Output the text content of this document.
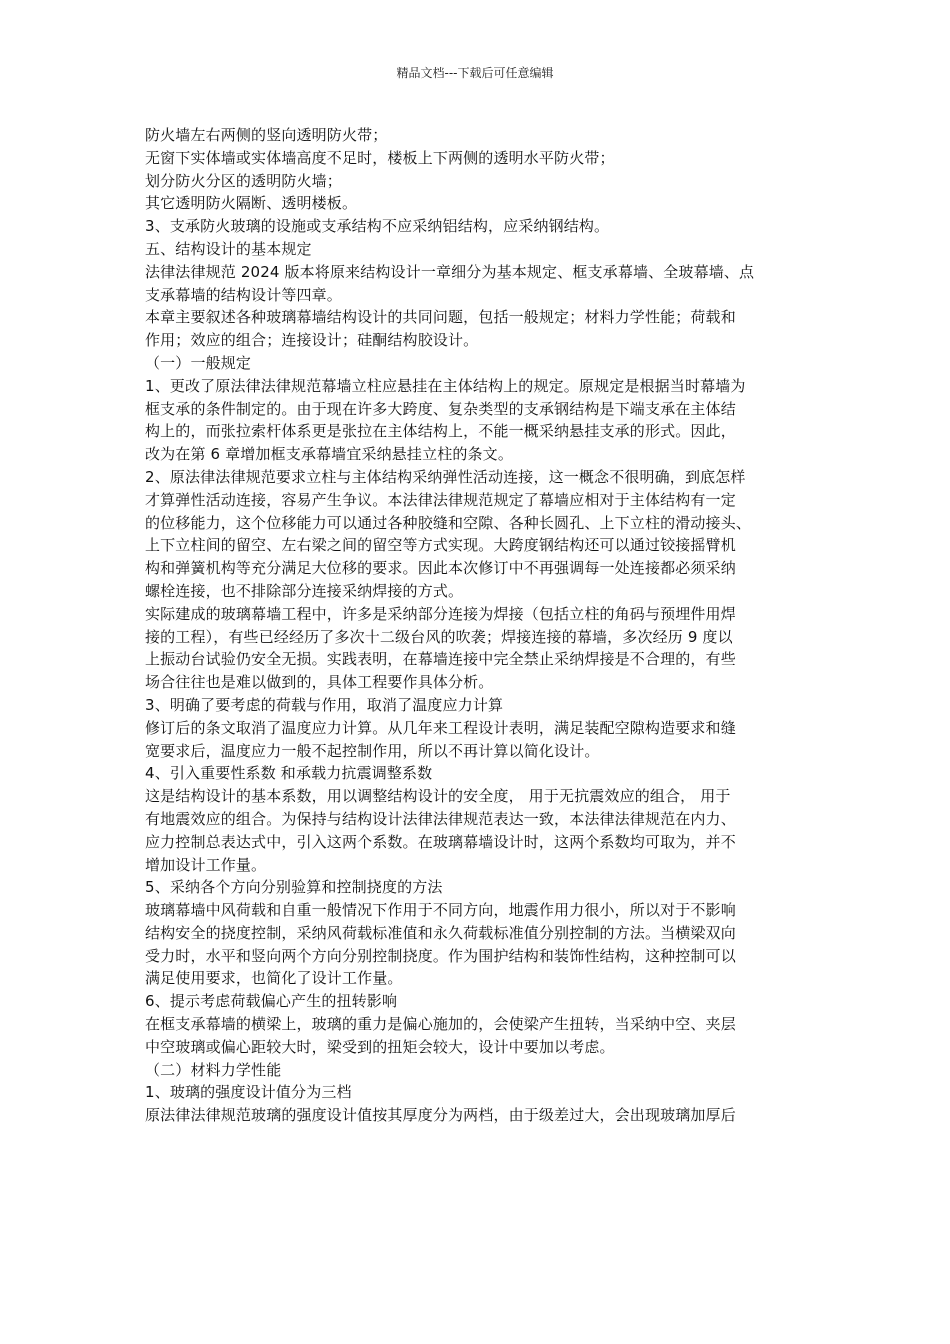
精品文档---下载后可任意编辑
防火墙左右两侧的竖向透明防火带；
无窗下实体墙或实体墙高度不足时，楼板上下两侧的透明水平防火带；
划分防火分区的透明防火墙；
其它透明防火隔断、透明楼板。
3、支承防火玻璃的设施或支承结构不应采纳铝结构，应采纳钢结构。
五、结构设计的基本规定
法律法律规范 2024 版本将原来结构设计一章细分为基本规定、框支承幕墙、全玻幕墙、点
支承幕墙的结构设计等四章。
本章主要叙述各种玻璃幕墙结构设计的共同问题，包括一般规定；材料力学性能；荷载和
作用；效应的组合；连接设计；硅酮结构胶设计。
（一）一般规定
1、更改了原法律法律规范幕墙立柱应悬挂在主体结构上的规定。原规定是根据当时幕墙为
框支承的条件制定的。由于现在许多大跨度、复杂类型的支承钢结构是下端支承在主体结
构上的，而张拉索杆体系更是张拉在主体结构上，不能一概采纳悬挂支承的形式。因此，
改为在第 6 章增加框支承幕墙宜采纳悬挂立柱的条文。
2、原法律法律规范要求立柱与主体结构采纳弹性活动连接，这一概念不很明确，到底怎样
才算弹性活动连接，容易产生争议。本法律法律规范规定了幕墙应相对于主体结构有一定
的位移能力，这个位移能力可以通过各种胶缝和空隙、各种长圆孔、上下立柱的滑动接头、
上下立柱间的留空、左右梁之间的留空等方式实现。大跨度钢结构还可以通过铰接摇臂机
构和弹簧机构等充分满足大位移的要求。因此本次修订中不再强调每一处连接都必须采纳
螺栓连接，也不排除部分连接采纳焊接的方式。
实际建成的玻璃幕墙工程中，许多是采纳部分连接为焊接（包括立柱的角码与预埋件用焊
接的工程），有些已经经历了多次十二级台风的吹袭；焊接连接的幕墙，多次经历 9 度以
上振动台试验仍安全无损。实践表明，在幕墙连接中完全禁止采纳焊接是不合理的，有些
场合往往也是难以做到的，具体工程要作具体分析。
3、明确了要考虑的荷载与作用，取消了温度应力计算
修订后的条文取消了温度应力计算。从几年来工程设计表明，满足装配空隙构造要求和缝
宽要求后，温度应力一般不起控制作用，所以不再计算以简化设计。
4、引入重要性系数 和承载力抗震调整系数
这是结构设计的基本系数，用以调整结构设计的安全度， 用于无抗震效应的组合， 用于
有地震效应的组合。为保持与结构设计法律法律规范表达一致，本法律法律规范在内力、
应力控制总表达式中，引入这两个系数。在玻璃幕墙设计时，这两个系数均可取为，并不
增加设计工作量。
5、采纳各个方向分别验算和控制挠度的方法
玻璃幕墙中风荷载和自重一般情况下作用于不同方向，地震作用力很小，所以对于不影响
结构安全的挠度控制，采纳风荷载标准值和永久荷载标准值分别控制的方法。当横梁双向
受力时，水平和竖向两个方向分别控制挠度。作为围护结构和装饰性结构，这种控制可以
满足使用要求，也简化了设计工作量。
6、提示考虑荷载偏心产生的扭转影响
在框支承幕墙的横梁上，玻璃的重力是偏心施加的，会使梁产生扭转，当采纳中空、夹层
中空玻璃或偏心距较大时，梁受到的扭矩会较大，设计中要加以考虑。
（二）材料力学性能
1、玻璃的强度设计值分为三档
原法律法律规范玻璃的强度设计值按其厚度分为两档，由于级差过大，会出现玻璃加厚后
